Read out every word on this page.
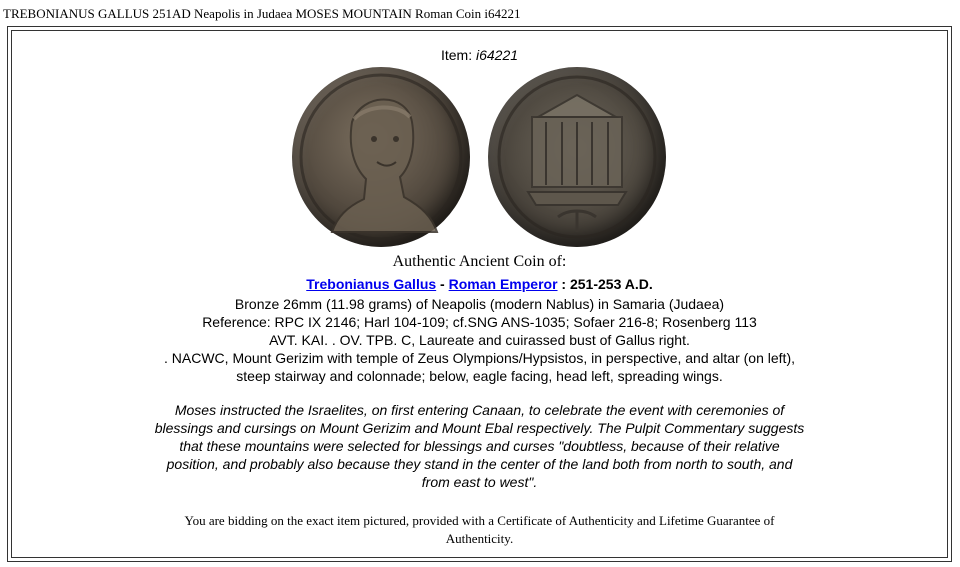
TREBONIANUS GALLUS 251AD Neapolis in Judaea MOSES MOUNTAIN Roman Coin i64221
Item: i64221
Authentic Ancient Coin of:
Trebonianus Gallus - Roman Emperor : 251-253 A.D.
Bronze 26mm (11.98 grams) of Neapolis (modern Nablus) in Samaria (Judaea)
Reference: RPC IX 2146; Harl 104-109; cf.SNG ANS-1035; Sofaer 216-8; Rosenberg 113
AVT. KAI. . OV. TPB. C, Laureate and cuirassed bust of Gallus right.
. NACWC, Mount Gerizim with temple of Zeus Olympions/Hypsistos, in perspective, and altar (on left), steep stairway and colonnade; below, eagle facing, head left, spreading wings.
Moses instructed the Israelites, on first entering Canaan, to celebrate the event with ceremonies of blessings and cursings on Mount Gerizim and Mount Ebal respectively. The Pulpit Commentary suggests that these mountains were selected for blessings and curses "doubtless, because of their relative position, and probably also because they stand in the center of the land both from north to south, and from east to west".
You are bidding on the exact item pictured, provided with a Certificate of Authenticity and Lifetime Guarantee of Authenticity.
